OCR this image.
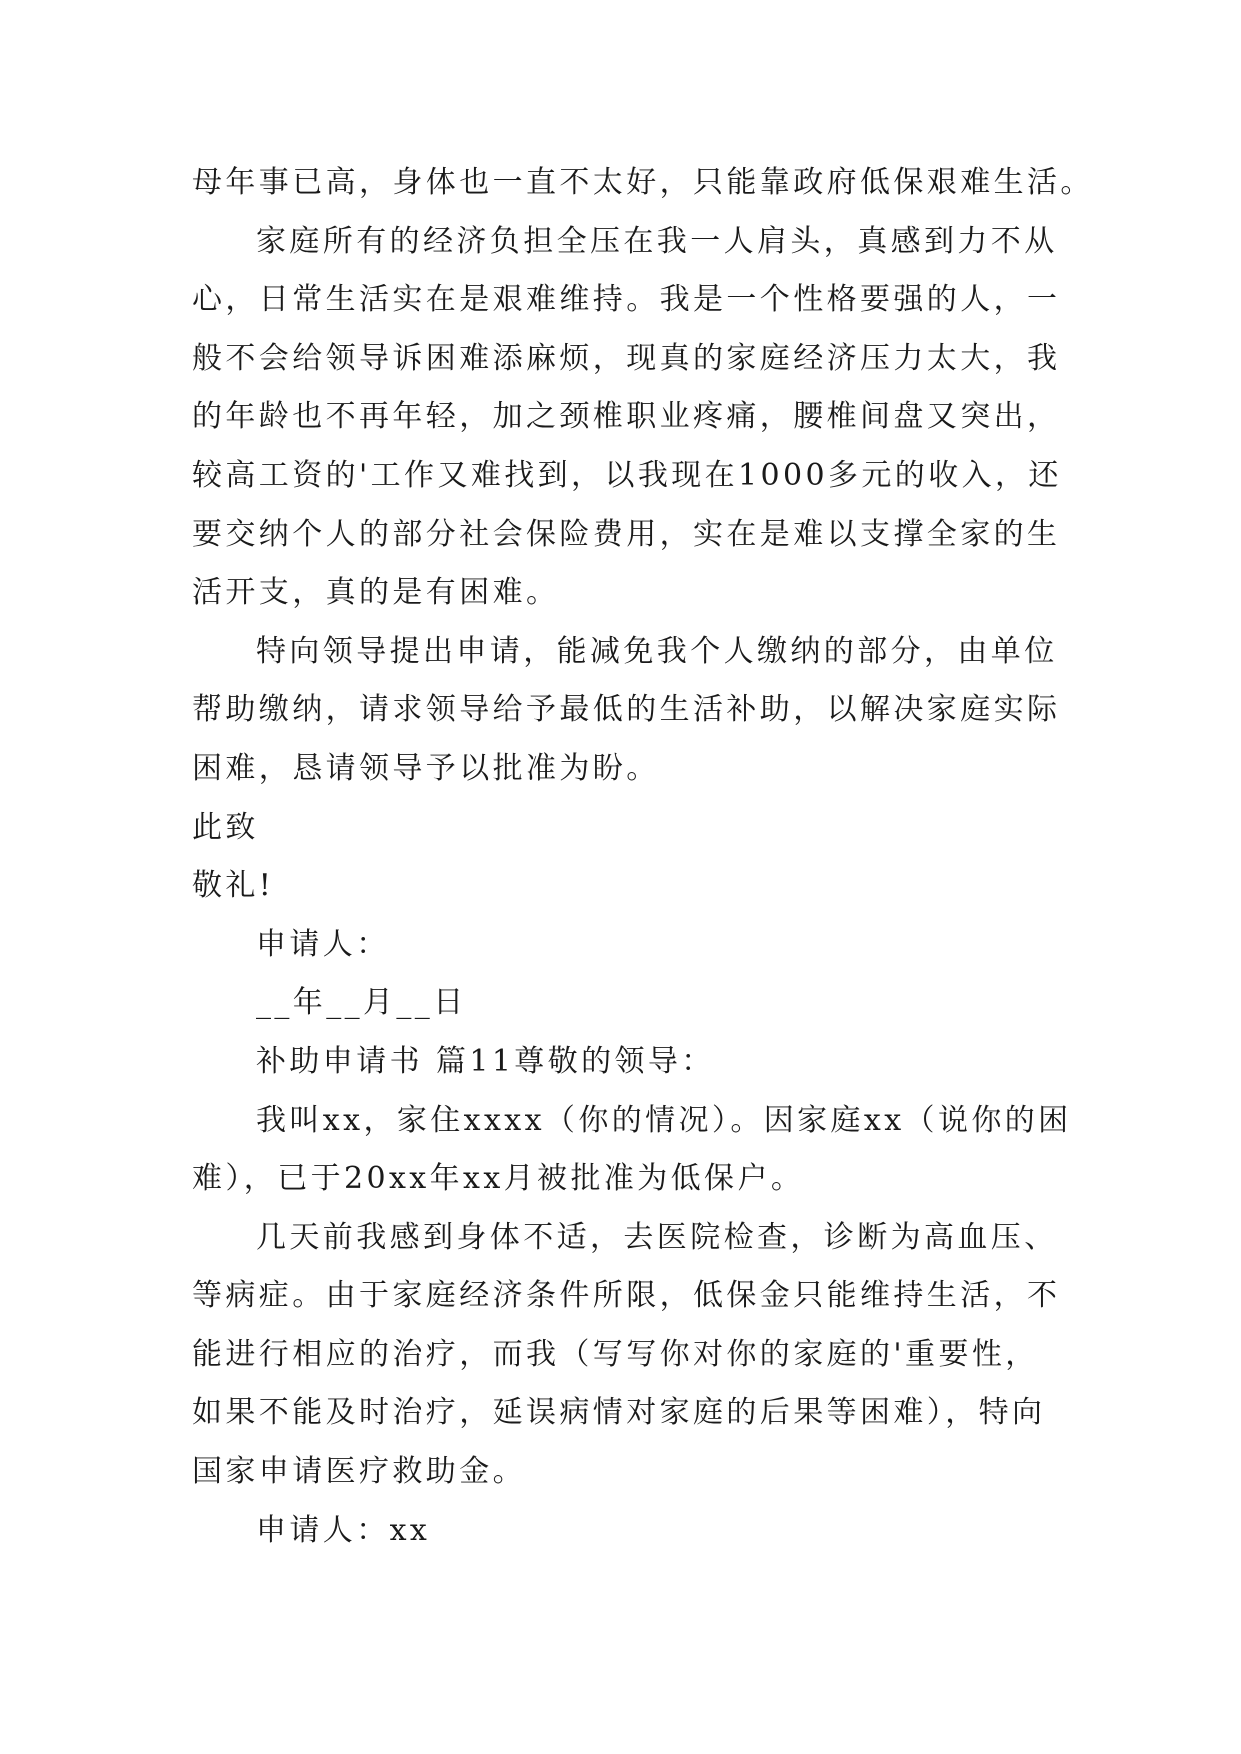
母年事已高，身体也一直不太好，只能靠政府低保艰难生活。
家庭所有的经济负担全压在我一人肩头，真感到力不从
心，日常生活实在是艰难维持。我是一个性格要强的人，一
般不会给领导诉困难添麻烦，现真的家庭经济压力太大，我
的年龄也不再年轻，加之颈椎职业疼痛，腰椎间盘又突出，
较高工资的'工作又难找到，以我现在1000多元的收入，还
要交纳个人的部分社会保险费用，实在是难以支撑全家的生
活开支，真的是有困难。
特向领导提出申请，能减免我个人缴纳的部分，由单位
帮助缴纳，请求领导给予最低的生活补助，以解决家庭实际
困难，恳请领导予以批准为盼。
此致
敬礼!
申请人：
__年__月__日
补助申请书 篇11尊敬的领导：
我叫xx，家住xxxx（你的情况）。因家庭xx（说你的困
难），已于20xx年xx月被批准为低保户。
几天前我感到身体不适，去医院检查，诊断为高血压、
等病症。由于家庭经济条件所限，低保金只能维持生活，不
能进行相应的治疗，而我（写写你对你的家庭的'重要性，
如果不能及时治疗，延误病情对家庭的后果等困难），特向
国家申请医疗救助金。
申请人：xx
